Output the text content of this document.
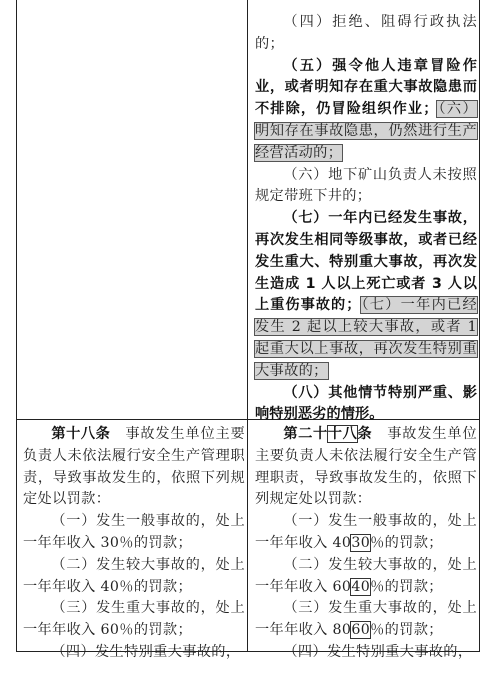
（四）拒绝、阻碍行政执法的；

（五）强令他人违章冒险作业，或者明知存在重大事故隐患而不排除，仍冒险组织作业；（六）明知存在事故隐患，仍然进行生产经营活动的；

（六）地下矿山负责人未按照规定带班下井的；

（七）一年内已经发生事故，再次发生相同等级事故，或者已经发生重大、特别重大事故，再次发生造成 1 人以上死亡或者 3 人以上重伤事故的；（七）一年内已经发生 2 起以上较大事故，或者 1 起重大以上事故，再次发生特别重大事故的；

（八）其他情节特别严重、影响特别恶劣的情形。

第十八条　 事故发生单位主要负责人未依法履行安全生产管理职责，导致事故发生的，依照下列规定处以罚款：

（一）发生一般事故的，处上一年年收入 30％的罚款；

（二）发生较大事故的，处上一年年收入 40％的罚款；

（三）发生重大事故的，处上一年年收入 60％的罚款；

（四）发生特别重大事故的，

第二十十八条　 事故发生单位主要负责人未依法履行安全生产管理职责，导致事故发生的，依照下列规定处以罚款：

（一）发生一般事故的，处上一年年收入 4030％的罚款；

（二）发生较大事故的，处上一年年收入 6040％的罚款；

（三）发生重大事故的，处上一年年收入 8060％的罚款；

（四）发生特别重大事故的，
